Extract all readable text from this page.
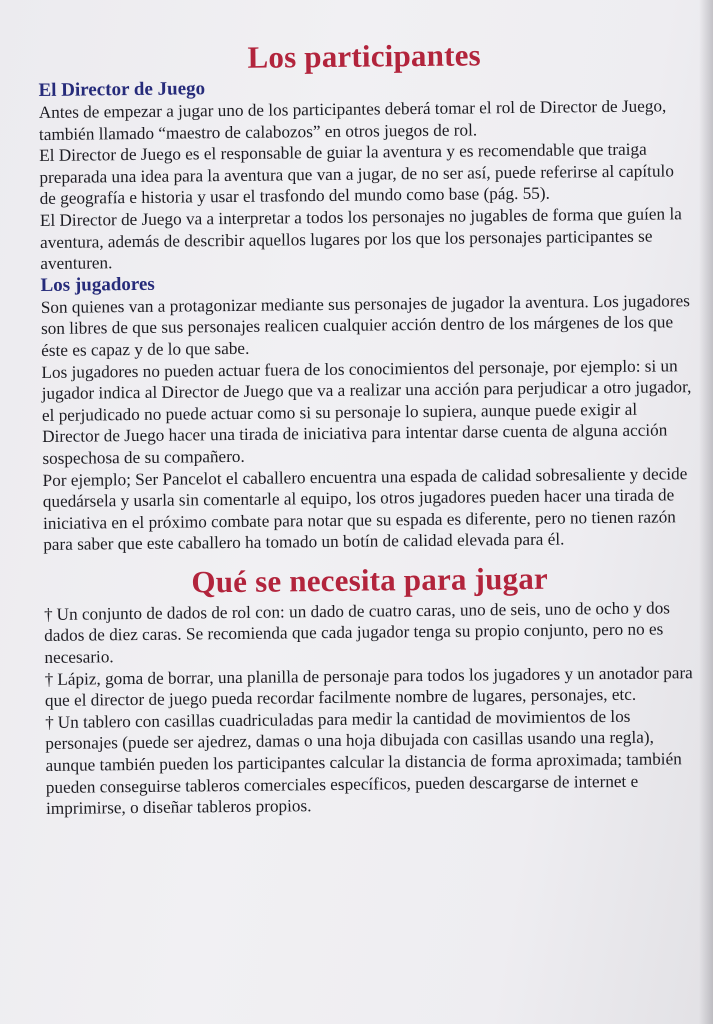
Los participantes
El Director de Juego

Antes de empezar a jugar uno de los participantes deberá tomar el rol de Director de Juego, también llamado “maestro de calabozos” en otros juegos de rol.

El Director de Juego es el responsable de guiar la aventura y es recomendable que traiga preparada una idea para la aventura que van a jugar, de no ser así, puede referirse al capítulo de geografía e historia y usar el trasfondo del mundo como base (pág. 55).

El Director de Juego va a interpretar a todos los personajes no jugables de forma que guíen la aventura, además de describir aquellos lugares por los que los personajes participantes se aventuren.

Los jugadores

Son quienes van a protagonizar mediante sus personajes de jugador la aventura. Los jugadores son libres de que sus personajes realicen cualquier acción dentro de los márgenes de los que éste es capaz y de lo que sabe.

Los jugadores no pueden actuar fuera de los conocimientos del personaje, por ejemplo: si un jugador indica al Director de Juego que va a realizar una acción para perjudicar a otro jugador, el perjudicado no puede actuar como si su personaje lo supiera, aunque puede exigir al Director de Juego hacer una tirada de iniciativa para intentar darse cuenta de alguna acción sospechosa de su compañero.

Por ejemplo; Ser Pancelot el caballero encuentra una espada de calidad sobresaliente y decide quedársela y usarla sin comentarle al equipo, los otros jugadores pueden hacer una tirada de iniciativa en el próximo combate para notar que su espada es diferente, pero no tienen razón para saber que este caballero ha tomado un botín de calidad elevada para él.

Qué se necesita para jugar

† Un conjunto de dados de rol con: un dado de cuatro caras, uno de seis, uno de ocho y dos dados de diez caras. Se recomienda que cada jugador tenga su propio conjunto, pero no es necesario.

† Lápiz, goma de borrar, una planilla de personaje para todos los jugadores y un anotador para que el director de juego pueda recordar facilmente nombre de lugares, personajes, etc.

† Un tablero con casillas cuadriculadas para medir la cantidad de movimientos de los personajes (puede ser ajedrez, damas o una hoja dibujada con casillas usando una regla), aunque también pueden los participantes calcular la distancia de forma aproximada; también pueden conseguirse tableros comerciales específicos, pueden descargarse de internet e imprimirse, o diseñar tableros propios.
